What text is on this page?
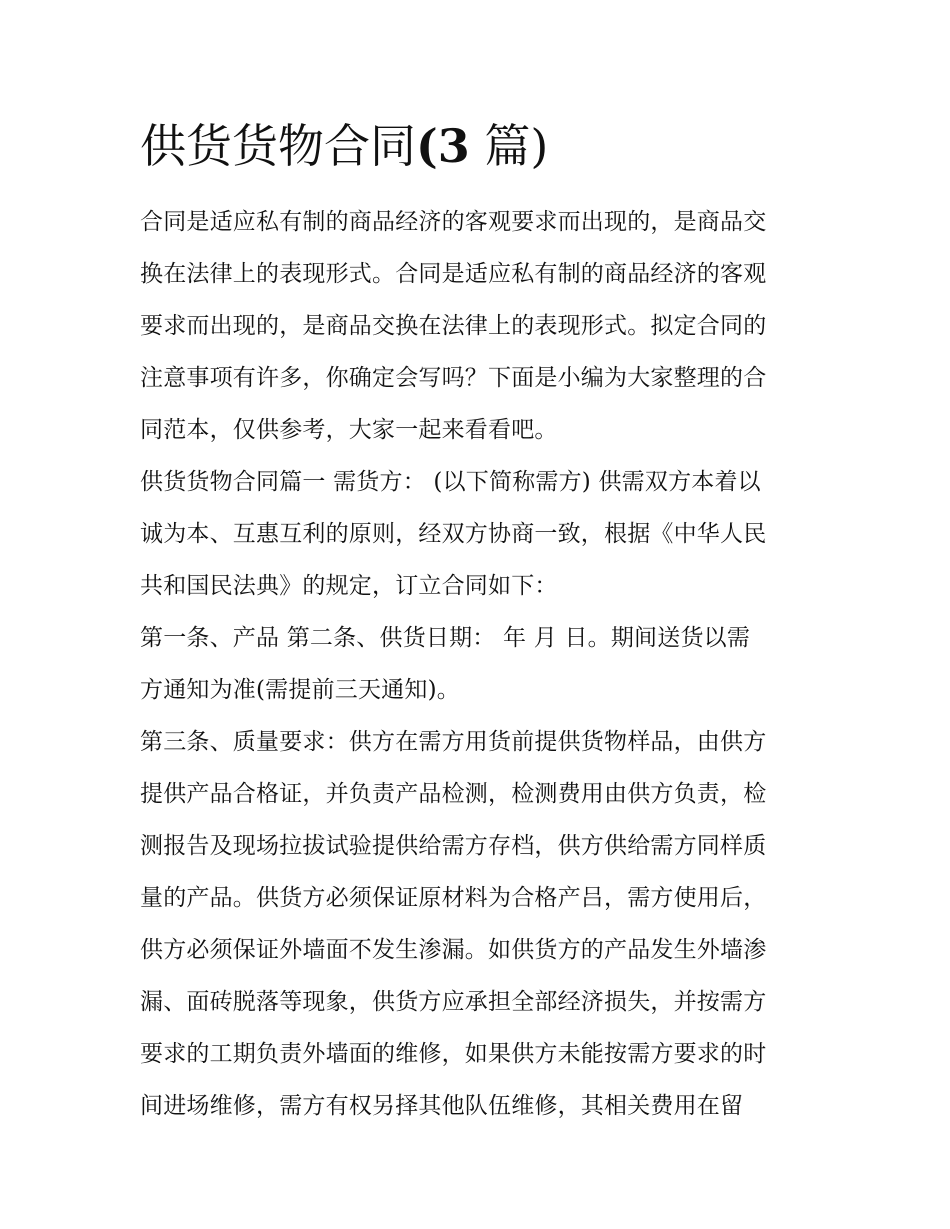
供货货物合同(3 篇)
合同是适应私有制的商品经济的客观要求而出现的，是商品交
换在法律上的表现形式。合同是适应私有制的商品经济的客观
要求而出现的，是商品交换在法律上的表现形式。拟定合同的
注意事项有许多，你确定会写吗？下面是小编为大家整理的合
同范本，仅供参考，大家一起来看看吧。
供货货物合同篇一 需货方： (以下简称需方) 供需双方本着以
诚为本、互惠互利的原则，经双方协商一致，根据《中华人民
共和国民法典》的规定，订立合同如下：
第一条、产品 第二条、供货日期： 年 月 日。期间送货以需
方通知为准(需提前三天通知)。
第三条、质量要求：供方在需方用货前提供货物样品，由供方
提供产品合格证，并负责产品检测，检测费用由供方负责，检
测报告及现场拉拔试验提供给需方存档，供方供给需方同样质
量的产品。供货方必须保证原材料为合格产吕，需方使用后，
供方必须保证外墙面不发生渗漏。如供货方的产品发生外墙渗
漏、面砖脱落等现象，供货方应承担全部经济损失，并按需方
要求的工期负责外墙面的维修，如果供方未能按需方要求的时
间进场维修，需方有权另择其他队伍维修，其相关费用在留
